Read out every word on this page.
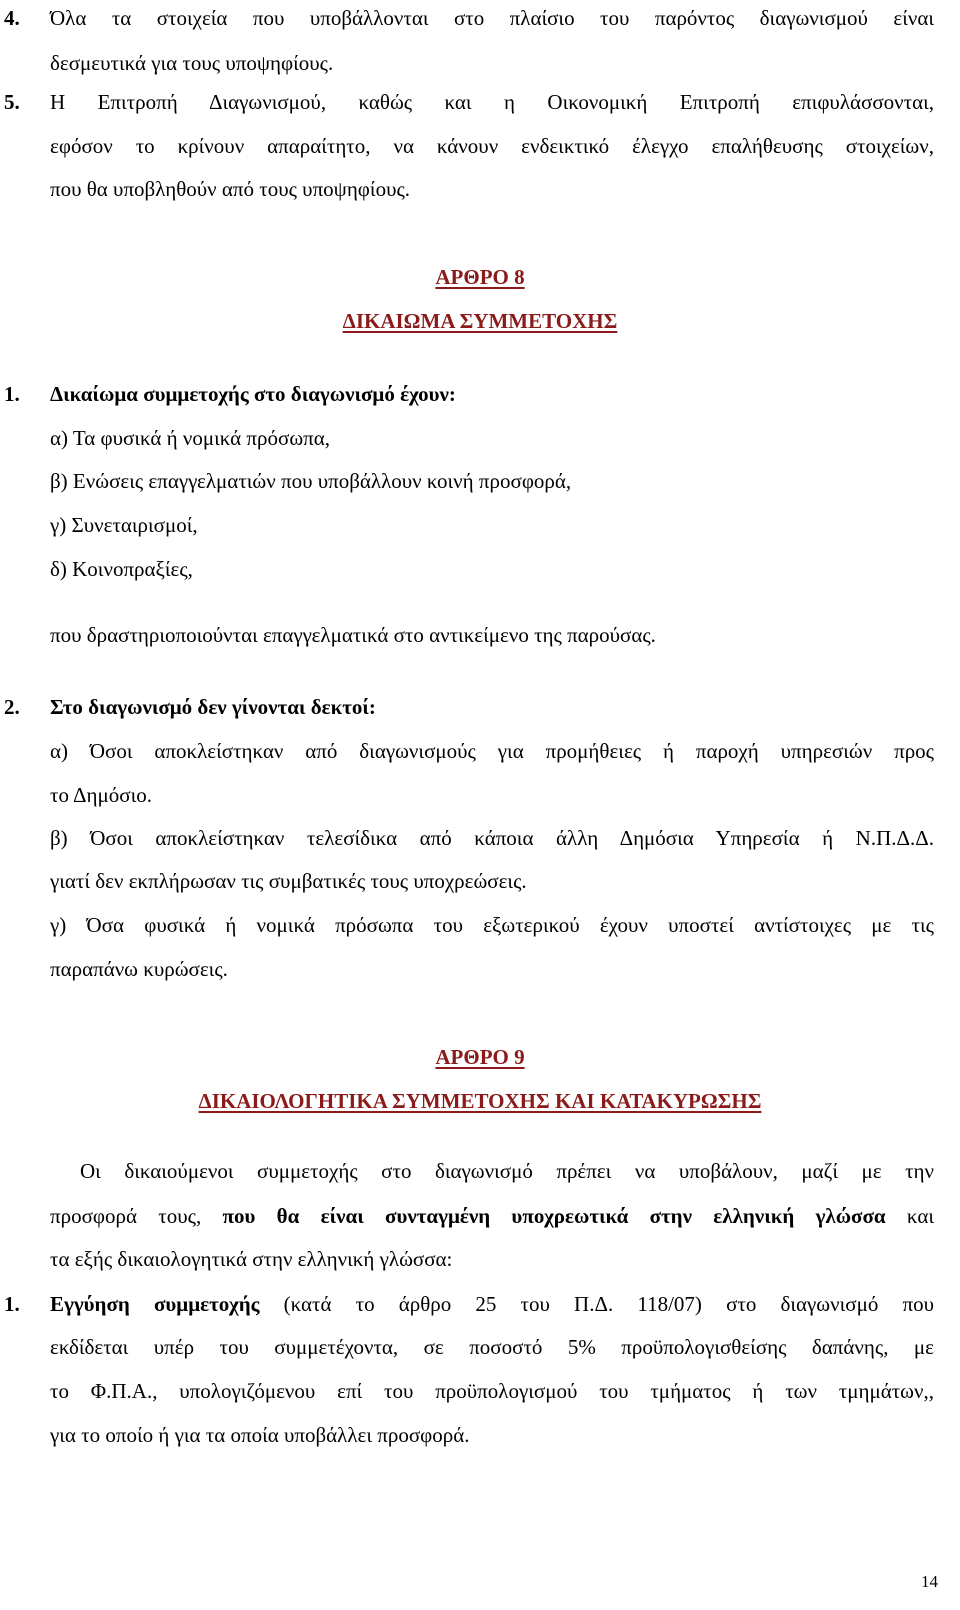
4. Όλα τα στοιχεία που υποβάλλονται στο πλαίσιο του παρόντος διαγωνισμού είναι
δεσμευτικά για τους υποψηφίους.
5. Η Επιτροπή Διαγωνισμού, καθώς και η Οικονομική Επιτροπή επιφυλάσσονται,
εφόσον το κρίνουν απαραίτητο, να κάνουν ενδεικτικό έλεγχο επαλήθευσης στοιχείων,
που θα υποβληθούν από τους υποψηφίους.
ΑΡΘΡΟ 8
ΔΙΚΑΙΩΜΑ ΣΥΜΜΕΤΟΧΗΣ
1. Δικαίωμα συμμετοχής στο διαγωνισμό έχουν:
α) Τα φυσικά ή νομικά πρόσωπα,
β) Ενώσεις επαγγελματιών που υποβάλλουν κοινή προσφορά,
γ) Συνεταιρισμοί,
δ) Κοινοπραξίες,
που δραστηριοποιούνται επαγγελματικά στο αντικείμενο της παρούσας.
2. Στο διαγωνισμό δεν γίνονται δεκτοί:
α) Όσοι αποκλείστηκαν από διαγωνισμούς για προμήθειες ή παροχή υπηρεσιών προς
το Δημόσιο.
β) Όσοι αποκλείστηκαν τελεσίδικα από κάποια άλλη Δημόσια Υπηρεσία ή Ν.Π.Δ.Δ.
γιατί δεν εκπλήρωσαν τις συμβατικές τους υποχρεώσεις.
γ) Όσα φυσικά ή νομικά πρόσωπα του εξωτερικού έχουν υποστεί αντίστοιχες με τις
παραπάνω κυρώσεις.
ΑΡΘΡΟ 9
ΔΙΚΑΙΟΛΟΓΗΤΙΚΑ ΣΥΜΜΕΤΟΧΗΣ ΚΑΙ ΚΑΤΑΚΥΡΩΣΗΣ
Οι δικαιούμενοι συμμετοχής στο διαγωνισμό πρέπει να υποβάλουν, μαζί με την
προσφορά τους, που θα είναι συνταγμένη υποχρεωτικά στην ελληνική γλώσσα και
τα εξής δικαιολογητικά στην ελληνική γλώσσα:
1. Εγγύηση συμμετοχής (κατά το άρθρο 25 του Π.Δ. 118/07) στο διαγωνισμό που
εκδίδεται υπέρ του συμμετέχοντα, σε ποσοστό 5% προϋπολογισθείσης δαπάνης, με
το Φ.Π.Α., υπολογιζόμενου επί του προϋπολογισμού του τμήματος ή των τμημάτων,,
για το οποίο ή για τα οποία υποβάλλει προσφορά.
14
